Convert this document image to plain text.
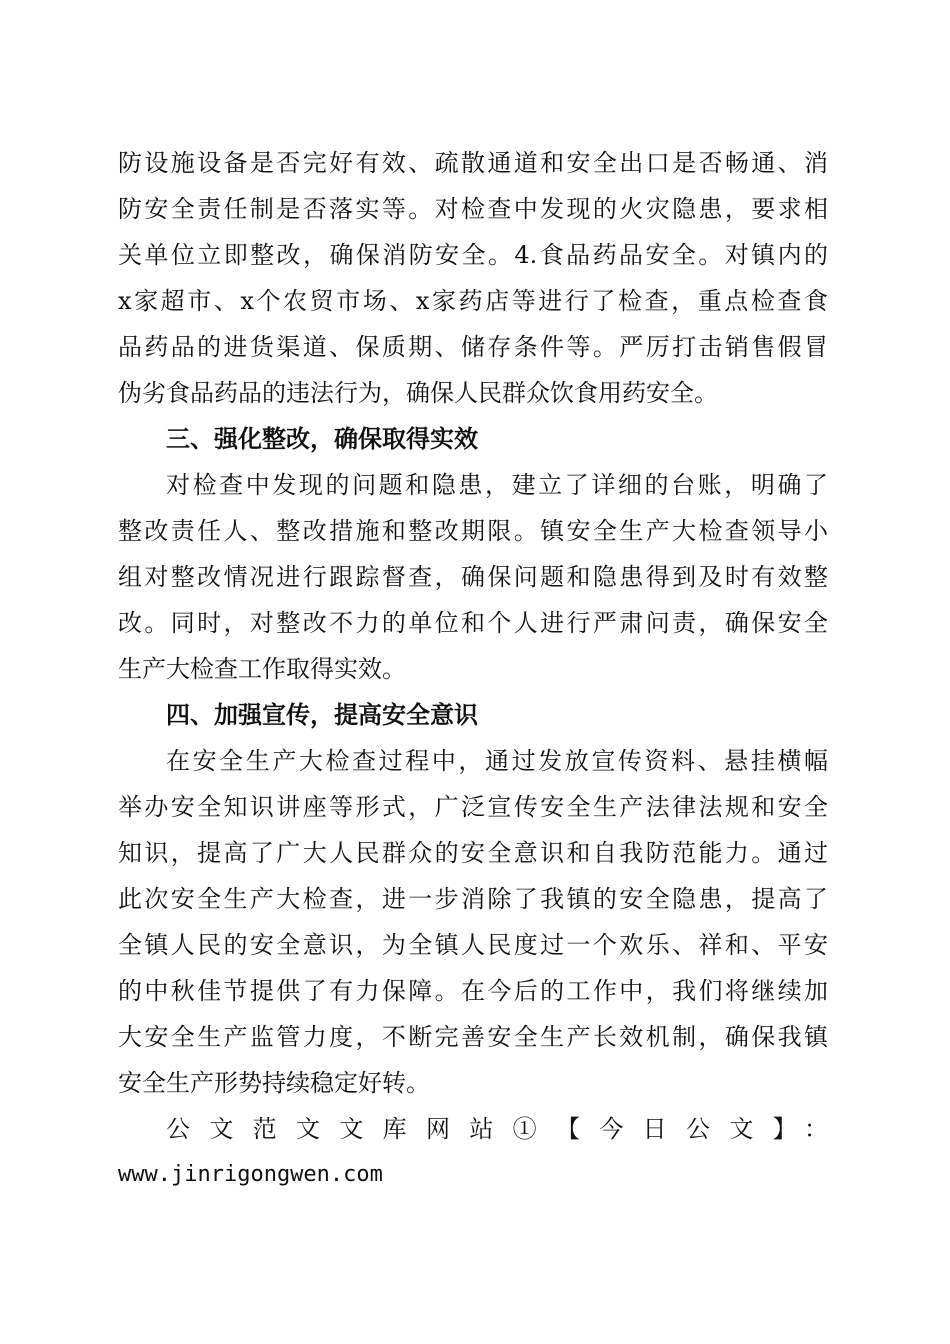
防设施设备是否完好有效、疏散通道和安全出口是否畅通、消
防安全责任制是否落实等。对检查中发现的火灾隐患，要求相
关单位立即整改，确保消防安全。4.食品药品安全。对镇内的
x家超市、x个农贸市场、x家药店等进行了检查，重点检查食
品药品的进货渠道、保质期、储存条件等。严厉打击销售假冒
伪劣食品药品的违法行为，确保人民群众饮食用药安全。
三、强化整改，确保取得实效
对检查中发现的问题和隐患，建立了详细的台账，明确了
整改责任人、整改措施和整改期限。镇安全生产大检查领导小
组对整改情况进行跟踪督查，确保问题和隐患得到及时有效整
改。同时，对整改不力的单位和个人进行严肃问责，确保安全
生产大检查工作取得实效。
四、加强宣传，提高安全意识
在安全生产大检查过程中，通过发放宣传资料、悬挂横幅
举办安全知识讲座等形式，广泛宣传安全生产法律法规和安全
知识，提高了广大人民群众的安全意识和自我防范能力。通过
此次安全生产大检查，进一步消除了我镇的安全隐患，提高了
全镇人民的安全意识，为全镇人民度过一个欢乐、祥和、平安
的中秋佳节提供了有力保障。在今后的工作中，我们将继续加
大安全生产监管力度，不断完善安全生产长效机制，确保我镇
安全生产形势持续稳定好转。
公文范文文库网站①【今日公文】：
www.jinrigongwen.com
